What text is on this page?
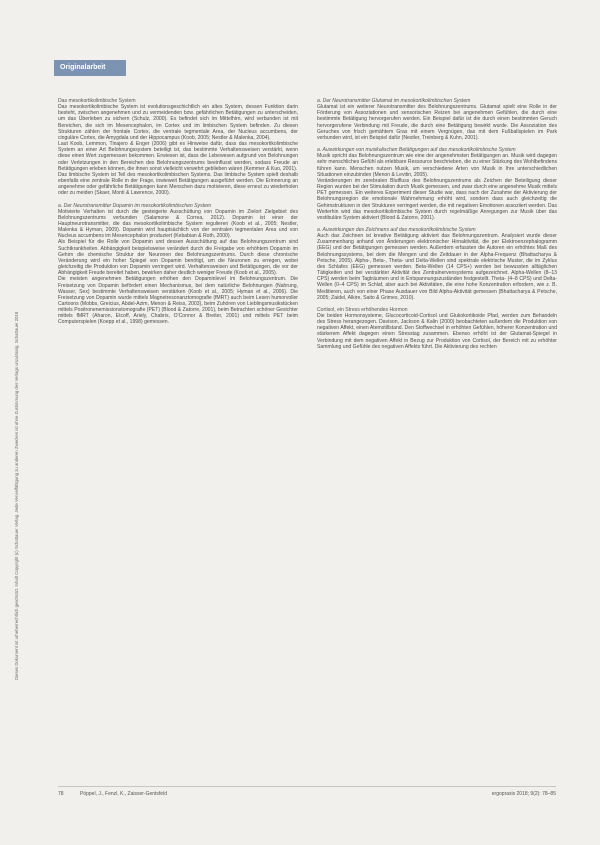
Originalarbeit
Dieses Dokument ist urheberrechtlich geschützt. Inhalt Copyright (c) Schattauer Verlag. Jede Vervielfältigung zu anderen Zwecken ist ohne Zustimmung des Verlags unzulässig. Schattauer 2018

Das mesokortikolimbische System

Das mesokortikolimbische System ist evolutionsgeschichtlich ein altes System, dessen Funktion darin besteht, zwischen angenehmen und zu vermeidenden bzw. gefährlichen Betätigungen zu unterscheiden, um das Überleben zu sichern (Schulz, 2000). Es befindet sich im Mittelhirn, wird verbunden ist mit Bereichen, die sich im Mesencephalon, im Cortex und im limbischen System befinden. Zu diesen Strukturen zählen der frontale Cortex, die ventrale tegmentale Area, der Nucleus accumbens, der cinguläre Cortex, die Amygdala und der Hippocampus (Koob, 2005; Nestler & Malenka, 2004).

Laut Koob, Lemmon, Tinajero & Enger (2006) gibt es Hinweise dafür, dass das mesokortikolimbische System an einer Art Belohnungssystem beteiligt ist, das bestimmte Verhaltensweisen verstärkt, wenn diese einen Wert zugemessen bekommen. Erwiesen ist, dass die Lebewesen aufgrund von Belohnungen oder Verletzungen in den Bereichen des Belohnungszentrums beeinflusst werden, sodass Freude an Betätigungen erleben können, die ihnen sonst vielleicht verwehrt geblieben wären (Kemmer & Kuo, 2001).

Das limbische System ist Teil des mesokortikolimbischen Systems. Das limbische System spielt deshalb ebenfalls eine zentrale Rolle in der Frage, inwieweit Betätigungen ausgeführt werden. Die Erinnerung an angenehme oder gefährliche Betätigungen kann Menschen dazu motivieren, diese erneut zu wiederholen oder zu meiden (Skaer, Monti & Lawrence, 2000).

a. Der Neurotransmitter Dopamin im mesokortikolimbischen System

Motivierte Verhalten ist durch die gesteigerte Ausschüttung von Dopamin im Zielort Zielgebiet des Belohnungszentrums verbunden (Salamone & Correa, 2012). Dopamin ist einer der Hauptneurotransmitter, die das mesokortikolimbische System regulieren (Koob et al., 2005; Nestler, Malenka & Hyman, 2009). Dopamin wird hauptsächlich von der ventralen tegmentalen Area und von Nucleus accumbens im Mesencephalon produziert (Kebabian & Roth, 2000).

Als Beispiel für die Rolle von Dopamin und dessen Ausschüttung auf das Belohnungszentrum sind Suchtkrankheiten. Abhängigkeit beispielsweise verändert durch die Freigabe von erhöhtem Dopamin im Gehirn die chemische Struktur der Neuronen des Belohnungszentrums. Durch diese chronische Veränderung wird ein hoher Spiegel von Dopamin benötigt, um die Neuronen zu erregen, wobei gleichzeitig die Produktion von Dopamin verringert wird. Verhaltensweisen und Betätigungen, die vor der Abhängigkeit Freude bereitet haben, bewirken daher deutlich weniger Freude (Koob et al., 2005).

Die meisten angenehmen Betätigungen erhöhen den Dopaminlevel im Belohnungszentrum. Die Freisetzung von Dopamin befördert einen Mechanismus, bei dem natürliche Belohnungen (Nahrung, Wasser, Sex) bestimmte Verhaltensweisen verstärken (Koob et al., 2005; Hyman et al., 2006). Die Freisetzung von Dopamin wurde mittels Magnetresonanztomografie (fMRT) auch beim Lesen humorvoller Cartoons (Mobbs, Greicius, Abdel-Azim, Menon & Reiss, 2003), beim Zuhören von Lieblingsmusikstücken mittels Positronenemissionstomografie (PET) (Blood & Zatorre, 2001), beim Betrachten schöner Gesichter mittels fMRT (Aharon, Etcoff, Ariely, Chabris, O'Connor & Breiter, 2001) und mittels PET beim Computerspielen (Koepp et al., 1998) gemessen.

a. Der Neurotransmitter Glutamat im mesokortikolimbischen System

Glutamat ist ein weiterer Neurotransmitter des Belohnungszentrums. Glutamat spielt eine Rolle in der Förderung von Assoziationen und sensorischen Reizen bei angenehmen Gefühlen, die durch eine bestimmte Betätigung hervorgerufen werden. Ein Beispiel dafür ist die durch einen bestimmten Geruch hervorgerufene Verbindung mit Freude, die durch eine Betätigung bewirkt wurde. Die Assoziation des Geruches von frisch gemähtem Gras mit einem Vergnügen, das mit dem Fußballspielen im Park verbunden wird, ist ein Beispiel dafür (Nestler, Treinberg & Kuhn, 2001).

a. Auswirkungen von musikalischen Betätigungen auf das mesokortikolimbische System

Musik spricht das Belohnungszentrum wie eine der angenehmsten Betätigungen an. Musik wird dagegen sehr menschliches Gefühl als erlebbare Ressource beschrieben, die zu einer Stärkung des Wohlbefindens führen kann. Menschen nutzen Musik, um verschiedene Arten von Musik in Ihre unterschiedlichen Situationen einzubinden (Menon & Levitin, 2005).

Veränderungen im zerebralen Blutfluss des Belohnungszentrums als Zeichen der Beteiligung dieser Region wurden bei der Stimulation durch Musik gemessen, und zwar durch eine angenehme Musik mittels PET gemessen. Ein weiteres Experiment dieser Studie war, dass nach der Zunahme der Aktivierung der Belohnungsregion die emotionale Wahrnehmung erhöht wird, sondern dass auch gleichzeitig die Gehirnstrukturen in den Strukturen verringert werden, die mit negativen Emotionen assoziiert werden. Das Weiterhin wird das mesokortikolimbische System durch regelmäßige Anregungen zur Musik über das vestibuläre System aktiviert (Blood & Zatorre, 2001).

a. Auswirkungen des Zeichnens auf das mesokortikolimbische System

Auch das Zeichnen ist kreative Betätigung aktiviert das Belohnungszentrum. Analysiert wurde dieser Zusammenhang anhand von Änderungen elektronischer Hirnaktivität, die per Elektroenzephalogramm (EEG) und der Betätigungen gemessen werden. Außerdem erfassten die Autoren ein erhöhtes Maß des Belohnungssystems, bei dem die Mengen und die Zeitdauer in der Alpha-Frequenz (Bhattacharya & Petsche, 2005). Alpha-, Beta-, Theta- und Delta-Wellen sind spektrale elektrische Muster, die im Zyklus des Schlafes (EEG) gemessen werden. Beta-Wellen (14 CPS+) werden bei bewussten alltäglichen Tätigkeiten und bei verstärkter Aktivität des Zentralnervensystems aufgezeichnet. Alpha-Wellen (8–13 CPS) werden beim Tagträumen und in Entspannungszuständen festgestellt. Theta- (4–8 CPS) und Delta-Wellen (0–4 CPS) im Schlaf, aber auch bei Aktivitäten, die eine hohe Konzentration erfordern, wie z. B. Meditieren, auch von einer Phase Ausdauer von Bild Alpha-Aktivität gemessen (Bhattacharya & Petsche, 2005; Zaidel, Alkire, Saito & Grimes, 2010).

Cortisol, ein Stress erhöhendes Hormon

Die beiden Hormonsysteme, Glucocorticoid-Cortisol und Glukokortikoide Pfad, werden zum Behandeln des Stress herangezogen. Davison, Jackson & Kalin (2000) beobachteten außerdem die Produktion von negativen Affekt, einen Atemstillstand. Den Stoffwechsel in erhöhten Gefühlen, höherer Konzentration und stärkerem Affekt dagegen einen Stresstag zusammen. Ebenso erhöht ist der Glutamat-Spiegel in Verbindung mit dem negativen Affekt in Bezug zur Produktion von Cortisol, der Bereich mit zu erhöhter Sammlung und Gefühle des negativen Affekts führt. Die Aktivierung des rechten

78	Pöppel, J., Fenzl, K., Zaisser-Gentsfeld	ergopraxis 2018; 9(2): 78–85
